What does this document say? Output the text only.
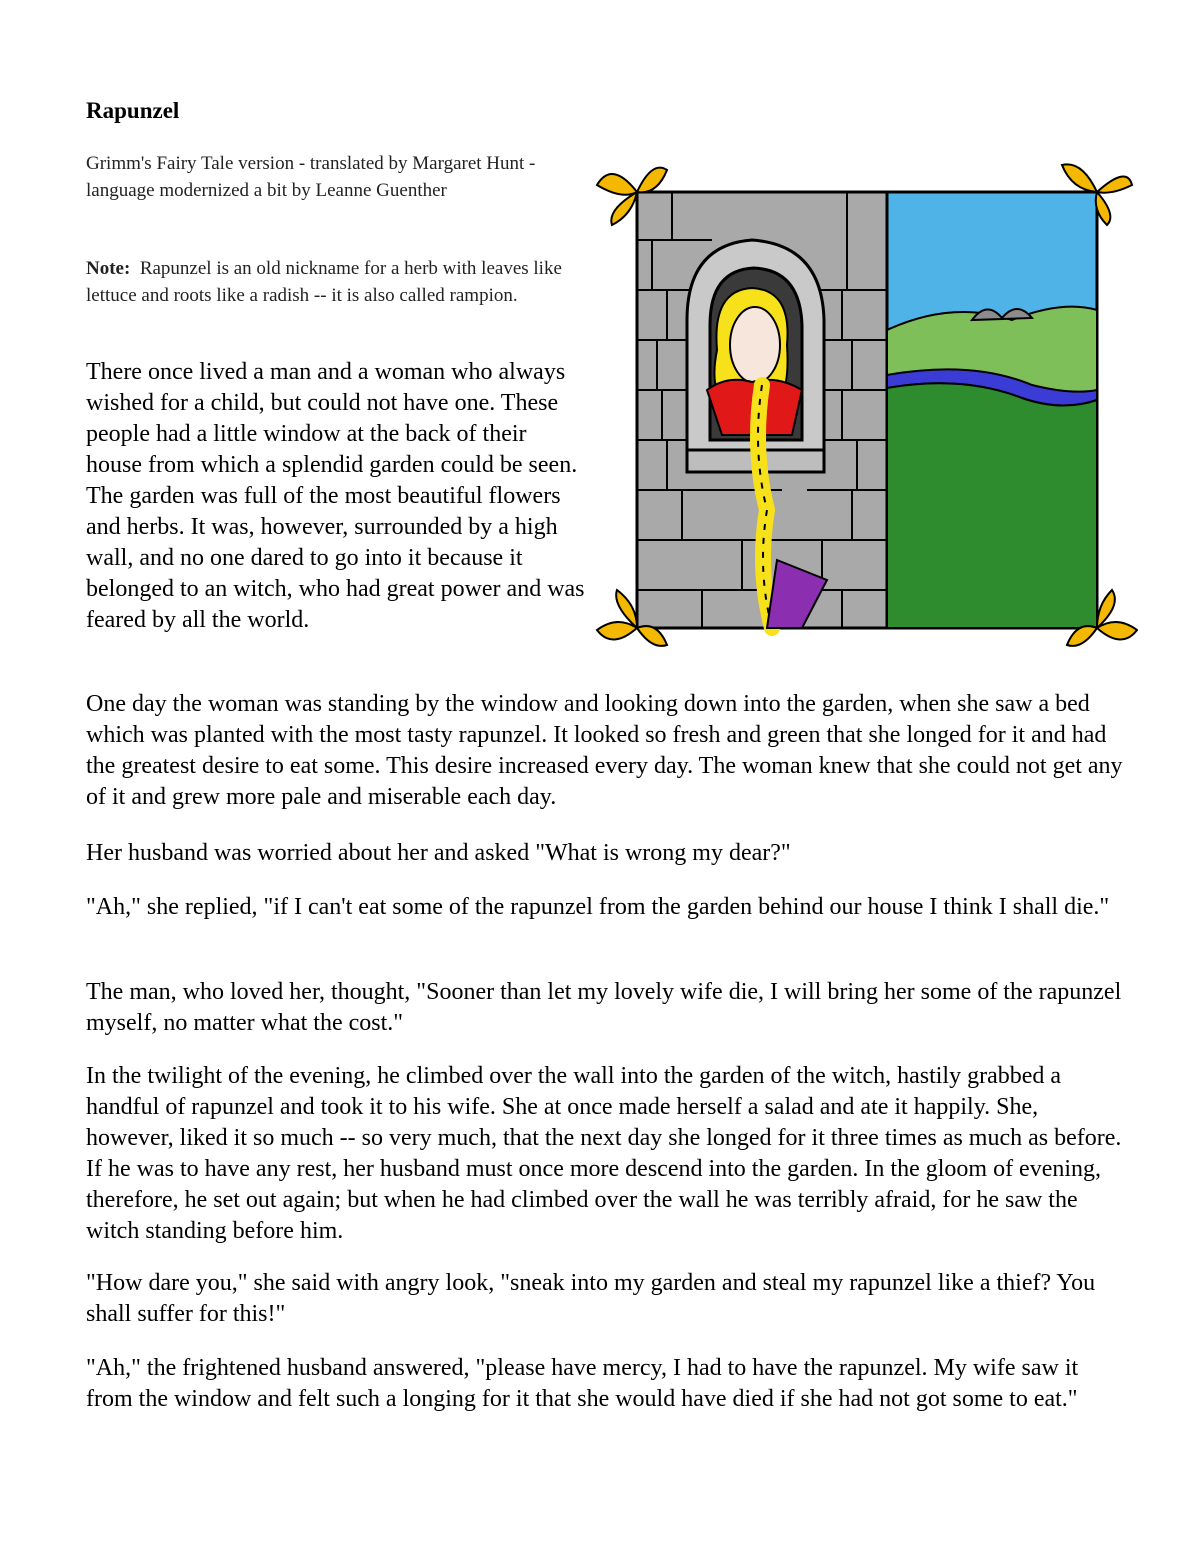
Rapunzel

Grimm's Fairy Tale version - translated by Margaret Hunt - language modernized a bit by Leanne Guenther

Note: Rapunzel is an old nickname for a herb with leaves like lettuce and roots like a radish -- it is also called rampion.

There once lived a man and a woman who always wished for a child, but could not have one. These people had a little window at the back of their house from which a splendid garden could be seen. The garden was full of the most beautiful flowers and herbs. It was, however, surrounded by a high wall, and no one dared to go into it because it belonged to an witch, who had great power and was feared by all the world.

One day the woman was standing by the window and looking down into the garden, when she saw a bed which was planted with the most tasty rapunzel. It looked so fresh and green that she longed for it and had the greatest desire to eat some. This desire increased every day. The woman knew that she could not get any of it and grew more pale and miserable each day.

Her husband was worried about her and asked "What is wrong my dear?"

"Ah," she replied, "if I can't eat some of the rapunzel from the garden behind our house I think I shall die."

The man, who loved her, thought, "Sooner than let my lovely wife die, I will bring her some of the rapunzel myself, no matter what the cost."

In the twilight of the evening, he climbed over the wall into the garden of the witch, hastily grabbed a handful of rapunzel and took it to his wife. She at once made herself a salad and ate it happily. She, however, liked it so much -- so very much, that the next day she longed for it three times as much as before. If he was to have any rest, her husband must once more descend into the garden. In the gloom of evening, therefore, he set out again; but when he had climbed over the wall he was terribly afraid, for he saw the witch standing before him.

"How dare you," she said with angry look, "sneak into my garden and steal my rapunzel like a thief? You shall suffer for this!"

"Ah," the frightened husband answered, "please have mercy, I had to have the rapunzel. My wife saw it from the window and felt such a longing for it that she would have died if she had not got some to eat."
